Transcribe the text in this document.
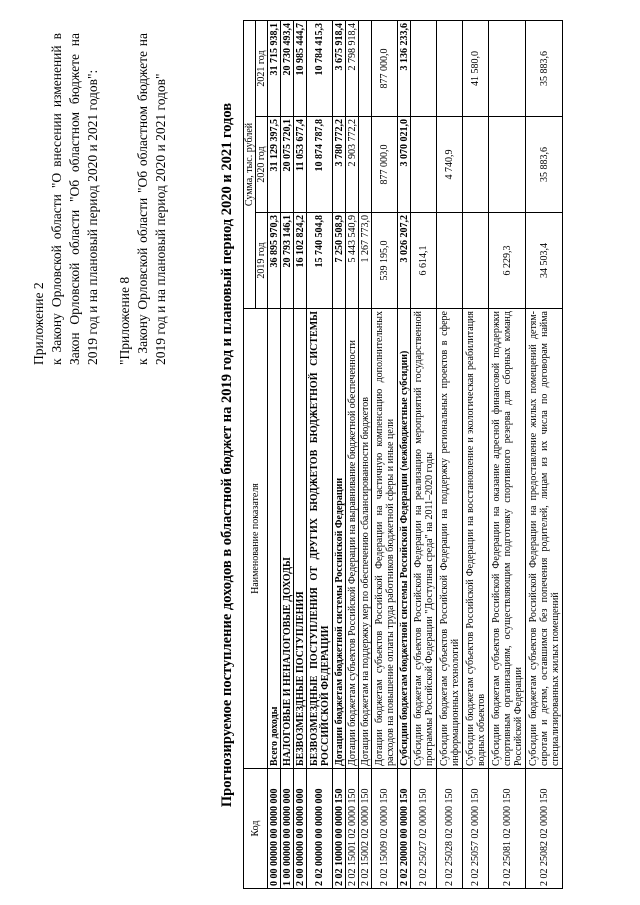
Приложение 2 к Закону Орловской области "О внесении изменений в Закон Орловской области "Об областном бюджете на 2019 год и на плановый период 2020 и 2021 годов": "Приложение 8 к Закону Орловской области "Об областном бюджете на 2019 год и на плановый период 2020 и 2021 годов"	Прогнозируемое поступление доходов в областной бюджет на 2019 год и плановый период 2020 и 2021 годов
Код	Наименование показателя	Сумма, тыс. рублей		
		2019 год	2020 год	2021 год
0 00 00000 00 0000 000	Всего доходы	36 895 970,3	31 129 397,5	31 715 938,1
1 00 00000 00 0000 000	НАЛОГОВЫЕ И НЕНАЛОГОВЫЕ ДОХОДЫ	20 793 146,1	20 075 720,1	20 730 493,4
2 00 00000 00 0000 000	БЕЗВОЗМЕЗДНЫЕ ПОСТУПЛЕНИЯ	16 102 824,2	11 053 677,4	10 985 444,7
2 02 00000 00 0000 000	БЕЗВОЗМЕЗДНЫЕ ПОСТУПЛЕНИЯ ОТ ДРУГИХ БЮДЖЕТОВ БЮДЖЕТНОЙ СИСТЕМЫ РОССИЙСКОЙ ФЕДЕРАЦИИ	15 740 504,8	10 874 787,8	10 784 415,3
2 02 10000 00 0000 150	Дотации бюджетам бюджетной системы Российской Федерации	7 250 508,9	3 780 772,2	3 675 918,4
2 02 15001 02 0000 150	Дотации бюджетам субъектов Российской Федерации на выравнивание бюджетной обеспеченности	5 443 540,9	2 903 772,2	2 798 918,4
2 02 15002 02 0000 150	Дотации бюджетам на поддержку мер по обеспечению сбалансированности бюджетов	1 267 773,0		
2 02 15009 02 0000 150	Дотации бюджетам субъектов Российской Федерации на частичную компенсацию дополнительных расходов на повышение оплаты труда работников бюджетной сферы и иные цели	539 195,0	877 000,0	877 000,0
2 02 20000 00 0000 150	Субсидии бюджетам бюджетной системы Российской Федерации (межбюджетные субсидии)	3 026 207,2	3 070 021,0	3 136 233,6
2 02 25027 02 0000 150	Субсидии бюджетам субъектов Российской Федерации на реализацию мероприятий государственной программы Российской Федерации "Доступная среда" на 2011–2020 годы	6 614,1		
2 02 25028 02 0000 150	Субсидии бюджетам субъектов Российской Федерации на поддержку региональных проектов в сфере информационных технологий		4 740,9	
2 02 25057 02 0000 150	Субсидии бюджетам субъектов Российской Федерации на восстановление и экологическая реабилитация водных объектов			41 580,0
2 02 25081 02 0000 150	Субсидии бюджетам субъектов Российской Федерации на оказание адресной финансовой поддержки спортивным организациям, осуществляющим подготовку спортивного резерва для сборных команд Российской Федерации	6 229,3		
2 02 25082 02 0000 150	Субсидии бюджетам субъектов Российской Федерации на предоставление жилых помещений детям-сиротам и детям, оставшимся без попечения родителей, лицам из их числа по договорам найма специализированных жилых помещений	34 503,4	35 883,6	35 883,6
